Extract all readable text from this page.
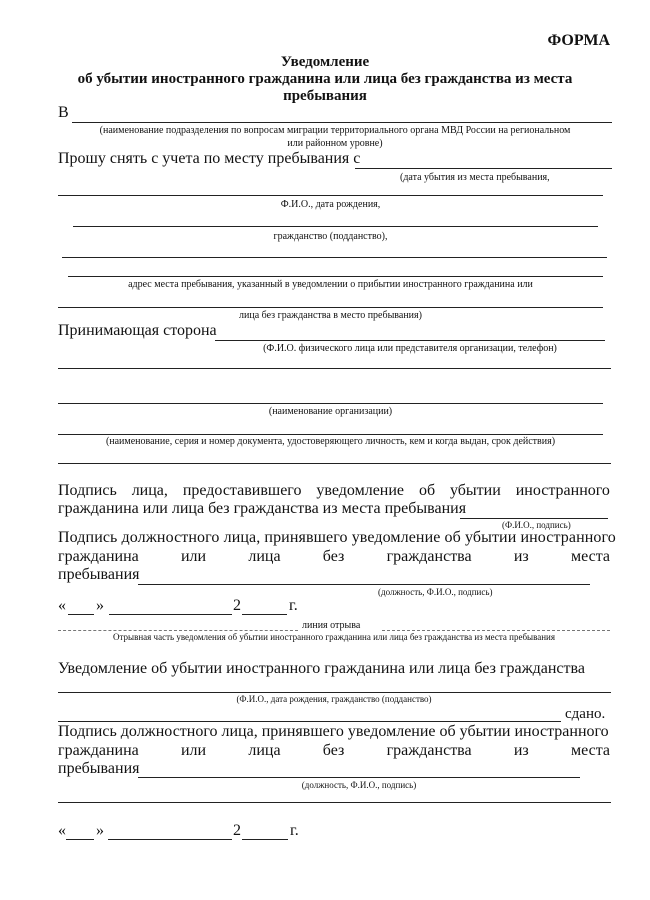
ФОРМА
Уведомление
об убытии иностранного гражданина или лица без гражданства из места
пребывания
В
(наименование подразделения по вопросам миграции территориального органа МВД России на региональном
или районном уровне)
Прошу снять с учета по месту пребывания с
(дата убытия из места пребывания,
Ф.И.О., дата рождения,
гражданство (подданство),
адрес места пребывания, указанный в уведомлении о прибытии иностранного гражданина или
лица без гражданства в место пребывания)
Принимающая сторона
(Ф.И.О. физического лица или представителя организации, телефон)
(наименование организации)
(наименование, серия и номер документа, удостоверяющего личность, кем и когда выдан, срок действия)
Подпись лица, предоставившего уведомление об убытии иностранного
гражданина или лица без гражданства из места пребывания
(Ф.И.О., подпись)
Подпись должностного лица, принявшего уведомление об убытии иностранного
гражданина	или	лица	без	гражданства	из	места
пребывания
(должность, Ф.И.О., подпись)
« »	2	г.
линия отрыва
Отрывная часть уведомления об убытии иностранного гражданина или лица без гражданства из места пребывания
Уведомление об убытии иностранного гражданина или лица без гражданства
(Ф.И.О., дата рождения, гражданство (подданство)
сдано.
Подпись должностного лица, принявшего уведомление об убытии иностранного
гражданина	или	лица	без	гражданства	из	места
пребывания
(должность, Ф.И.О., подпись)
« »	2	г.
